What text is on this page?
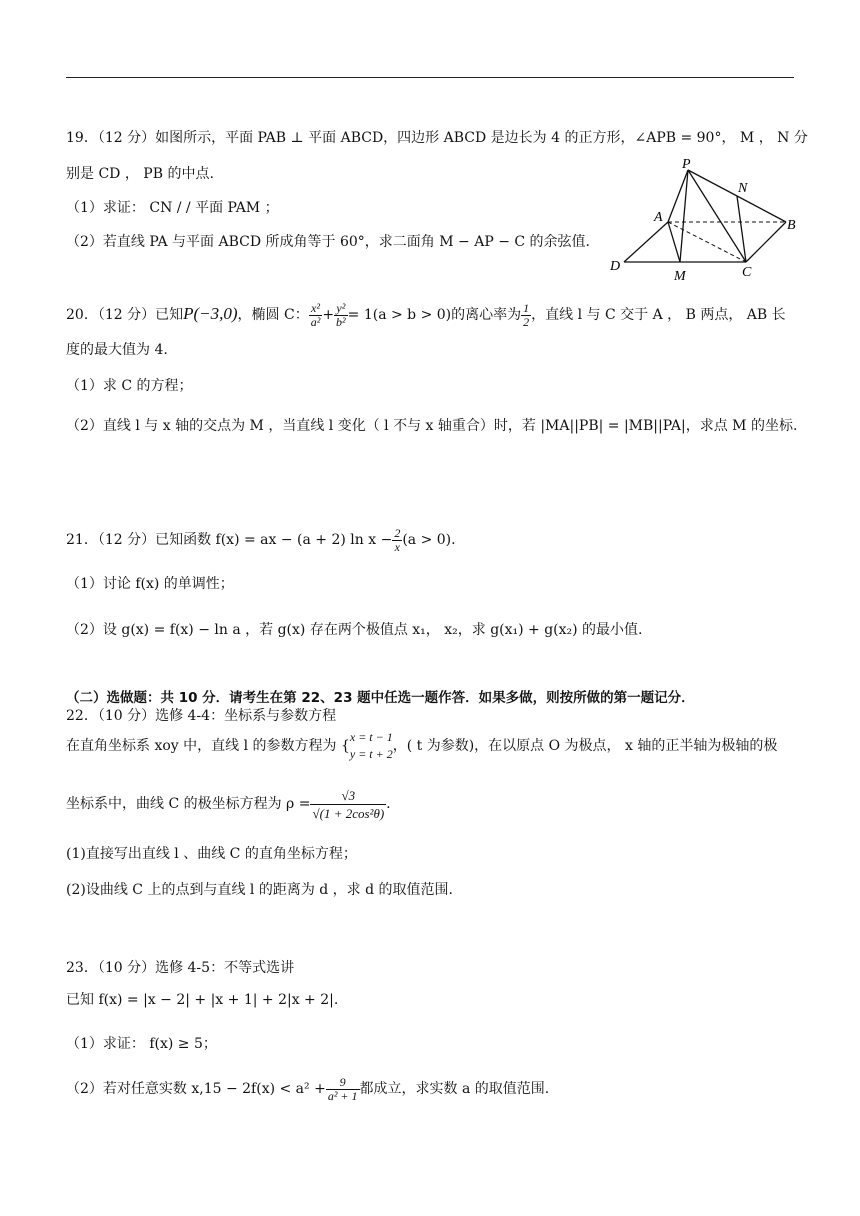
19．（12 分）如图所示，平面 PAB ⊥ 平面 ABCD，四边形 ABCD 是边长为 4 的正方形，∠APB = 90°， M ， N 分
别是 CD ， PB 的中点.
（1）求证： CN / / 平面 PAM ；
（2）若直线 PA 与平面 ABCD 所成角等于 60°，求二面角 M − AP − C 的余弦值.
P
N
A
B
D
M	C
20．（12 分）已知P(−3,0)，椭圆 C： $\frac{\text{x²}}{\text{a²}} + \frac{\text{y²}}{\text{b²}} = 1(a > b > 0)$的离心率为 $\frac{1}{2}$ ，直线 l 与 C 交于 A ， B 两点， AB 长
度的最大值为 4.
（1）求 C 的方程；
（2）直线 l 与 x 轴的交点为 M ，当直线 l 变化（ l 不与 x 轴重合）时，若 |MA||PB| = |MB||PA|，求点 M 的坐标.
21．（12 分）已知函数 f(x) = ax − (a + 2) $\ln x - \frac{2}{x} (a > 0)$.
（1）讨论 f(x) 的单调性；
（2）设 g(x) = f(x) − ln a ，若 g(x) 存在两个极值点 x₁， x₂，求 g(x₁) + g(x₂) 的最小值.
（二）选做题：共 10 分．请考生在第 22、23 题中任选一题作答．如果多做，则按所做的第一题记分．
22．（10 分）选修 4-4：坐标系与参数方程
在直角坐标系 xoy 中，直线 l 的参数方程为 {
x = t − 1
y = t + 2 ，( t 为参数)，在以原点 O 为极点， x 轴的正半轴为极轴的极
坐标系中，曲线 C 的极坐标方程为 $\rho = \frac{√3}{\text{√(1 + 2cos²θ)}}$ .
(1)直接写出直线 l 、曲线 C 的直角坐标方程；
(2)设曲线 C 上的点到与直线 l 的距离为 d ，求 d 的取值范围.
23．（10 分）选修 4-5：不等式选讲
已知 f(x) = |x − 2| + |x + 1| + 2|x + 2|.
（1）求证： f(x) ≥ 5；
（2）若对任意实数 $x,15 - 2f(x) < a^2 + \frac{9}{\text{a² + 1}}$ 都成立，求实数 a 的取值范围.
